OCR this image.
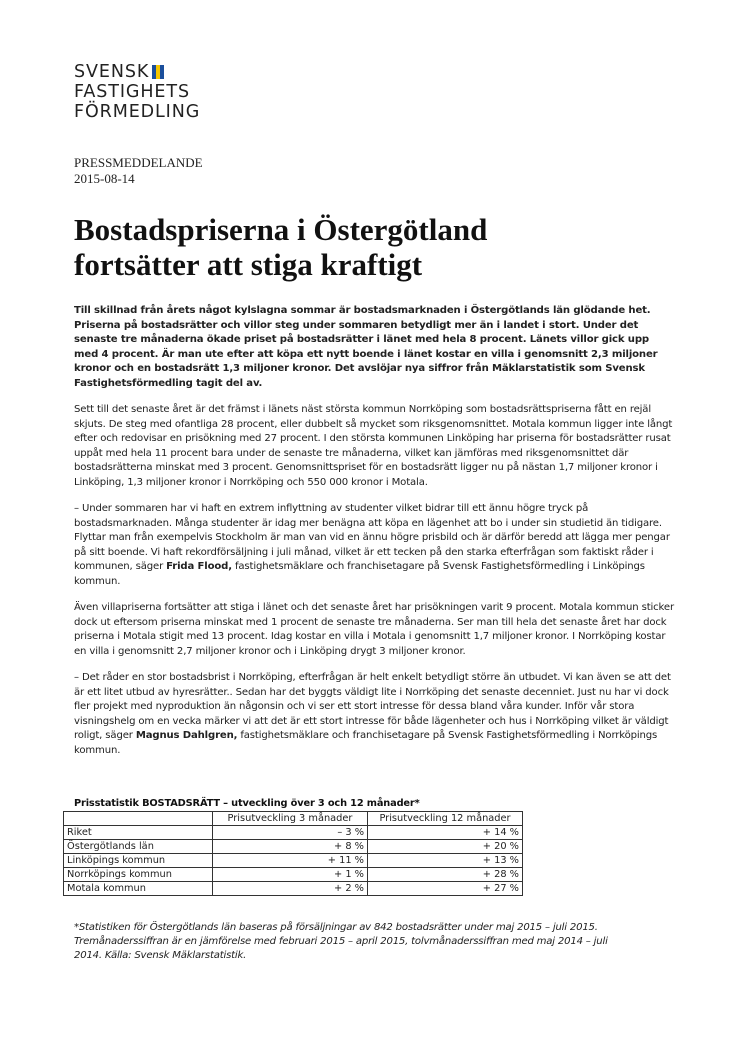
SVENSK
FASTIGHETS
FÖRMEDLING
PRESSMEDDELANDE
2015-08-14
Bostadspriserna i Östergötland
fortsätter att stiga kraftigt

Till skillnad från årets något kylslagna sommar är bostadsmarknaden i Östergötlands län glödande het. Priserna på bostadsrätter och villor steg under sommaren betydligt mer än i landet i stort. Under det senaste tre månaderna ökade priset på bostadsrätter i länet med hela 8 procent. Länets villor gick upp med 4 procent. Är man ute efter att köpa ett nytt boende i länet kostar en villa i genomsnitt 2,3 miljoner kronor och en bostadsrätt 1,3 miljoner kronor. Det avslöjar nya siffror från Mäklarstatistik som Svensk Fastighetsförmedling tagit del av.

Sett till det senaste året är det främst i länets näst största kommun Norrköping som bostadsrättspriserna fått en rejäl skjuts. De steg med ofantliga 28 procent, eller dubbelt så mycket som riksgenomsnittet. Motala kommun ligger inte långt efter och redovisar en prisökning med 27 procent. I den största kommunen Linköping har priserna för bostadsrätter rusat uppåt med hela 11 procent bara under de senaste tre månaderna, vilket kan jämföras med riksgenomsnittet där bostadsrätterna minskat med 3 procent. Genomsnittspriset för en bostadsrätt ligger nu på nästan 1,7 miljoner kronor i Linköping, 1,3 miljoner kronor i Norrköping och 550 000 kronor i Motala.

– Under sommaren har vi haft en extrem inflyttning av studenter vilket bidrar till ett ännu högre tryck på bostadsmarknaden. Många studenter är idag mer benägna att köpa en lägenhet att bo i under sin studietid än tidigare. Flyttar man från exempelvis Stockholm är man van vid en ännu högre prisbild och är därför beredd att lägga mer pengar på sitt boende. Vi haft rekordförsäljning i juli månad, vilket är ett tecken på den starka efterfrågan som faktiskt råder i kommunen, säger Frida Flood, fastighetsmäklare och franchisetagare på Svensk Fastighetsförmedling i Linköpings kommun.

Även villapriserna fortsätter att stiga i länet och det senaste året har prisökningen varit 9 procent. Motala kommun sticker dock ut eftersom priserna minskat med 1 procent de senaste tre månaderna. Ser man till hela det senaste året har dock priserna i Motala stigit med 13 procent. Idag kostar en villa i Motala i genomsnitt 1,7 miljoner kronor. I Norrköping kostar en villa i genomsnitt 2,7 miljoner kronor och i Linköping drygt 3 miljoner kronor.

– Det råder en stor bostadsbrist i Norrköping, efterfrågan är helt enkelt betydligt större än utbudet. Vi kan även se att det är ett litet utbud av hyresrätter.. Sedan har det byggts väldigt lite i Norrköping det senaste decenniet. Just nu har vi dock fler projekt med nyproduktion än någonsin och vi ser ett stort intresse för dessa bland våra kunder. Inför vår stora visningshelg om en vecka märker vi att det är ett stort intresse för både lägenheter och hus i Norrköping vilket är väldigt roligt, säger Magnus Dahlgren, fastighetsmäklare och franchisetagare på Svensk Fastighetsförmedling i Norrköpings kommun.

Prisstatistik BOSTADSRÄTT – utveckling över 3 och 12 månader*
	Prisutveckling 3 månader	Prisutveckling 12 månader
Riket	– 3 %	+ 14 %
Östergötlands län	+ 8 %	+ 20 %
Linköpings kommun	+ 11 %	+ 13 %
Norrköpings kommun	+ 1 %	+ 28 %
Motala kommun	+ 2 %	+ 27 %
*Statistiken för Östergötlands län baseras på försäljningar av 842 bostadsrätter under maj 2015 – juli 2015.
Tremånaderssiffran är en jämförelse med februari 2015 – april 2015, tolvmånaderssiffran med maj 2014 – juli
2014. Källa: Svensk Mäklarstatistik.
